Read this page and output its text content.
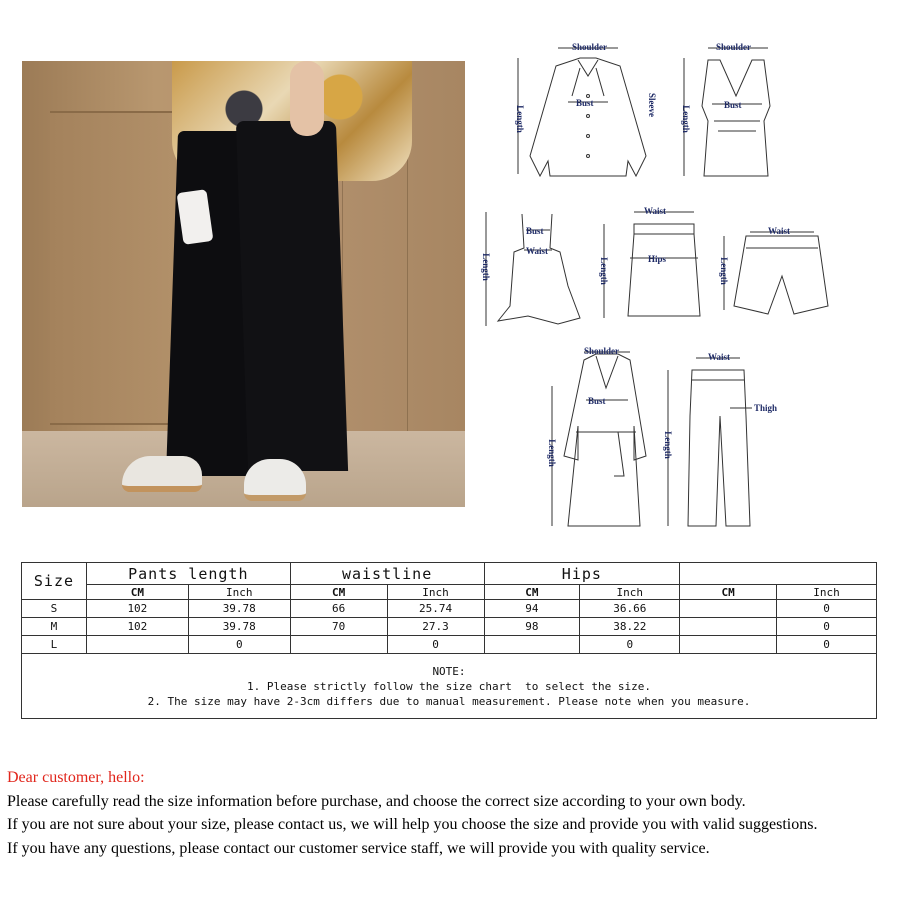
Shoulder
Bust	Sleeve
Length
Shoulder
Bust
Length
Bust
Waist
Length
Waist
Hips
Length
Waist
Length
Shoulder
Bust
Length
Waist
Thigh
Length
Size	Pants length		waistline		Hips			
	CM	Inch	CM	Inch	CM	Inch	CM	Inch
S	102	39.78	66	25.74	94	36.66		0
M	102	39.78	70	27.3	98	38.22		0
L		0		0		0		0

NOTE:
1. Please strictly follow the size chart  to select the size.
2. The size may have 2-3cm differs due to manual measurement. Please note when you measure.								
Dear customer, hello:
Please carefully read the size information before purchase, and choose the correct size according to your own body.
If you are not sure about your size, please contact us, we will help you choose the size and provide you with valid suggestions.
If you have any questions, please contact our customer service staff, we will provide you with quality service.
